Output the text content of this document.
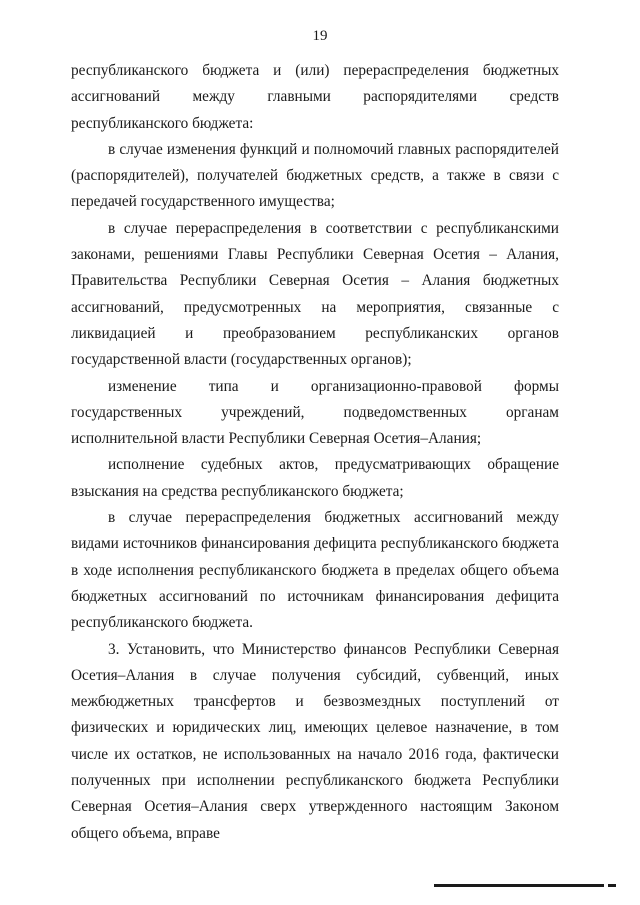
19

республиканского бюджета и (или) перераспределения бюджетных ассигнований между главными распорядителями средств республиканского бюджета:

в случае изменения функций и полномочий главных распорядителей (распорядителей), получателей бюджетных средств, а также в связи с передачей государственного имущества;

в случае перераспределения в соответствии с республиканскими законами, решениями Главы Республики Северная Осетия – Алания, Правительства Республики Северная Осетия – Алания бюджетных ассигнований, предусмотренных на мероприятия, связанные с ликвидацией и преобразованием республиканских органов государственной власти (государственных органов);

изменение типа и организационно-правовой формы государственных учреждений, подведомственных органам исполнительной власти Республики Северная Осетия–Алания;

исполнение судебных актов, предусматривающих обращение взыскания на средства республиканского бюджета;

в случае перераспределения бюджетных ассигнований между видами источников финансирования дефицита республиканского бюджета в ходе исполнения республиканского бюджета в пределах общего объема бюджетных ассигнований по источникам финансирования дефицита республиканского бюджета.

3. Установить, что Министерство финансов Республики Северная Осетия–Алания в случае получения субсидий, субвенций, иных межбюджетных трансфертов и безвозмездных поступлений от физических и юридических лиц, имеющих целевое назначение, в том числе их остатков, не использованных на начало 2016 года, фактически полученных при исполнении республиканского бюджета Республики Северная Осетия–Алания сверх утвержденного настоящим Законом общего объема, вправе
